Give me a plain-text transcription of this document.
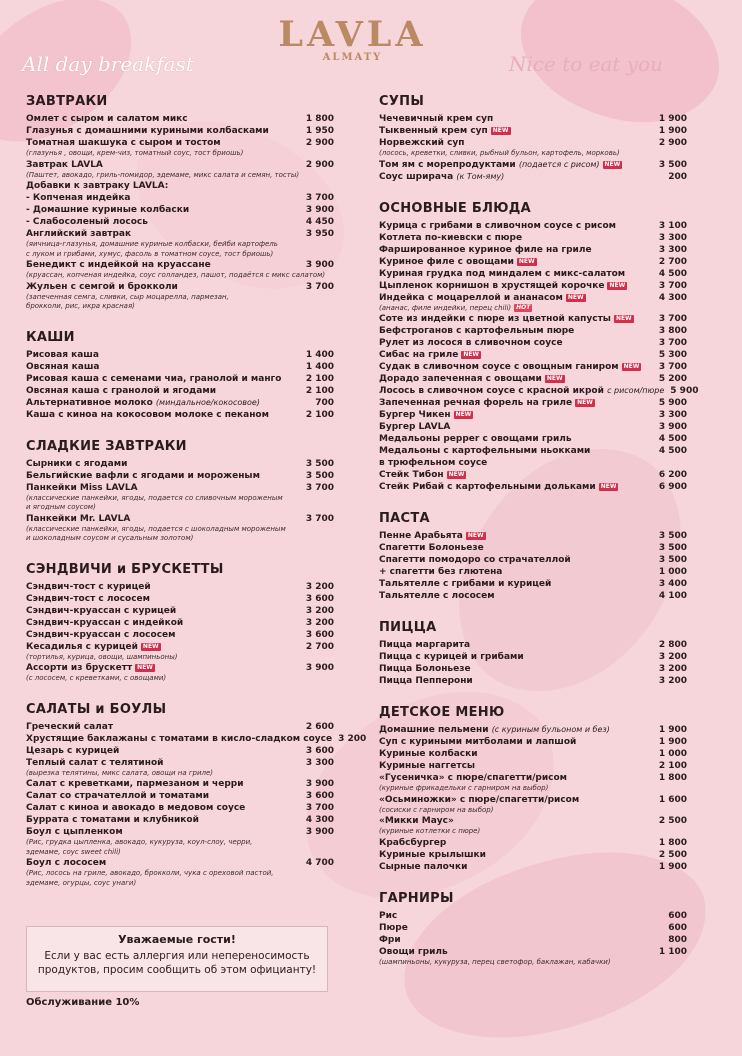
LAVLA
ALMATY
All day breakfast	Nice to eat you
ЗАВТРАКИ
Омлет с сыром и салатом микс	1 800
Глазунья с домашними куриными колбасками	1 950
Томатная шакшука с сыром и тостом	2 900
(глазунья , овощи, крем-чиз, томатный соус, тост бриошь)
Завтрак LAVLA	2 900
(Паштет, авокадо, гриль-помидор, эдемаме, микс салата и семян, тосты)
Добавки к завтраку LAVLA:
- Копченая индейка	3 700
- Домашние куриные колбаски	3 900
- Слабосоленый лосось	4 450
Английский завтрак	3 950
(яичница-глазунья, домашние куриные колбаски, бейби картофель
с луком и грибами, хумус, фасоль в томатном соусе, тост бриошь)
Бенедикт с индейкой на круассане	3 900
(круассан, копченая индейка, соус голландез, пашот, подаётся с микс салатом)
Жульен с семгой и брокколи	3 700
(запеченная семга, сливки, сыр моцарелла, пармезан,
брокколи, рис, икра красная)
КАШИ
Рисовая каша	1 400
Овсяная каша	1 400
Рисовая каша с семенами чиа, гранолой и манго	2 100
Овсяная каша с гранолой и ягодами	2 100
Альтернативное молоко (миндальное/кокосовое)	700
Каша с киноа на кокосовом молоке с пеканом	2 100
СЛАДКИЕ ЗАВТРАКИ
Сырники с ягодами	3 500
Бельгийские вафли с ягодами и мороженым	3 500
Панкейки Miss LAVLA	3 700
(классические панкейки, ягоды, подается со сливочным мороженым
и ягодным соусом)
Панкейки Mr. LAVLA	3 700
(классические панкейки, ягоды, подается с шоколадным мороженым
и шоколадным соусом и сусальным золотом)
СЭНДВИЧИ и БРУСКЕТТЫ
Сэндвич-тост с курицей	3 200
Сэндвич-тост с лососем	3 600
Сэндвич-круассан с курицей	3 200
Сэндвич-круассан с индейкой	3 200
Сэндвич-круассан с лососем	3 600
Кесадилья с курицей NEW	2 700
(тортилья, курица, овощи, шампиньоны)
Ассорти из брускетт NEW	3 900
(с лососем, с креветками, с овощами)
САЛАТЫ и БОУЛЫ
Греческий салат	2 600
Хрустящие баклажаны с томатами в кисло-сладком соусе 3 200
Цезарь с курицей	3 600
Теплый салат с телятиной	3 300
(вырезка телятины, микс салата, овощи на гриле)
Салат с креветками, пармезаном и черри	3 900
Салат со страчателлой и томатами	3 600
Салат с киноа и авокадо в медовом соусе	3 700
Буррата с томатами и клубникой	4 300
Боул с цыпленком	3 900
(Рис, грудка цыпленка, авокадо, кукуруза, коул-слоу, черри,
эдемаме, соус sweet chili)
Боул с лососем	4 700
(Рис, лосось на гриле, авокадо, брокколи, чука с ореховой пастой,
эдемаме, огурцы, соус унаги)
СУПЫ
Чечевичный крем суп	1 900
Тыквенный крем суп NEW	1 900
Норвежский суп	2 900
(лосось, креветки, сливки, рыбный бульон, картофель, морковь)
Том ям с морепродуктами (подается с рисом) NEW	3 500
Соус шрирача (к Том-яму)	200
ОСНОВНЫЕ БЛЮДА
Курица с грибами в сливочном соусе с рисом	3 100
Котлета по-киевски с пюре	3 300
Фаршированное куриное филе на гриле	3 300
Куриное филе с овощами NEW	2 700
Куриная грудка под миндалем с микс-салатом	4 500
Цыпленок корнишон в хрустящей корочке NEW	3 700
Индейка с моцареллой и ананасом NEW	4 300
(ананас, филе индейки, перец chili) HOT
Соте из индейки с пюре из цветной капусты NEW	3 700
Бефстроганов с картофельным пюре	3 800
Рулет из лосося в сливочном соусе	3 700
Сибас на гриле NEW	5 300
Судак в сливочном соусе с овощным ганиром NEW	3 700
Дорадо запеченная с овощами NEW	5 200
Лосось в сливочном соусе с красной икрой с рисом/пюре 5 900
Запеченная речная форель на гриле NEW	5 900
Бургер Чикен NEW	3 300
Бургер LAVLA	3 900
Медальоны pepper с овощами гриль	4 500
Медальоны с картофельными ньокками	4 500
в трюфельном соусе
Стейк Тибон NEW	6 200
Стейк Рибай с картофельными дольками NEW	6 900
ПАСТА
Пенне Арабьята NEW	3 500
Спагетти Болоньезе	3 500
Спагетти помодоро со страчателлой	3 500
+ спагетти без глютена	1 000
Тальятелле с грибами и курицей	3 400
Тальятелле с лососем	4 100
ПИЦЦА
Пицца маргарита	2 800
Пицца с курицей и грибами	3 200
Пицца Болоньезе	3 200
Пицца Пепперони	3 200
ДЕТСКОЕ МЕНЮ
Домашние пельмени (с куриным бульоном и без)	1 900
Суп с куриными митболами и лапшой	1 900
Куриные колбаски	1 000
Куриные наггетсы	2 100
«Гусеничка» с пюре/спагетти/рисом	1 800
(куриные фрикадельки с гарниром на выбор)
«Осьминожки» с пюре/спагетти/рисом	1 600
(сосиски с гарниром на выбор)
«Микки Маус»	2 500
(куриные котлетки с пюре)
Крабсбургер	1 800
Куриные крылышки	2 500
Сырные палочки	1 900
ГАРНИРЫ
Рис	600
Пюре	600
Фри	800
Овощи гриль	1 100
(шампиньоны, кукуруза, перец светофор, баклажан, кабачки)
Уважаемые гости!
Если у вас есть аллергия или непереносимость продуктов, просим сообщить об этом официанту!
Обслуживание 10%
